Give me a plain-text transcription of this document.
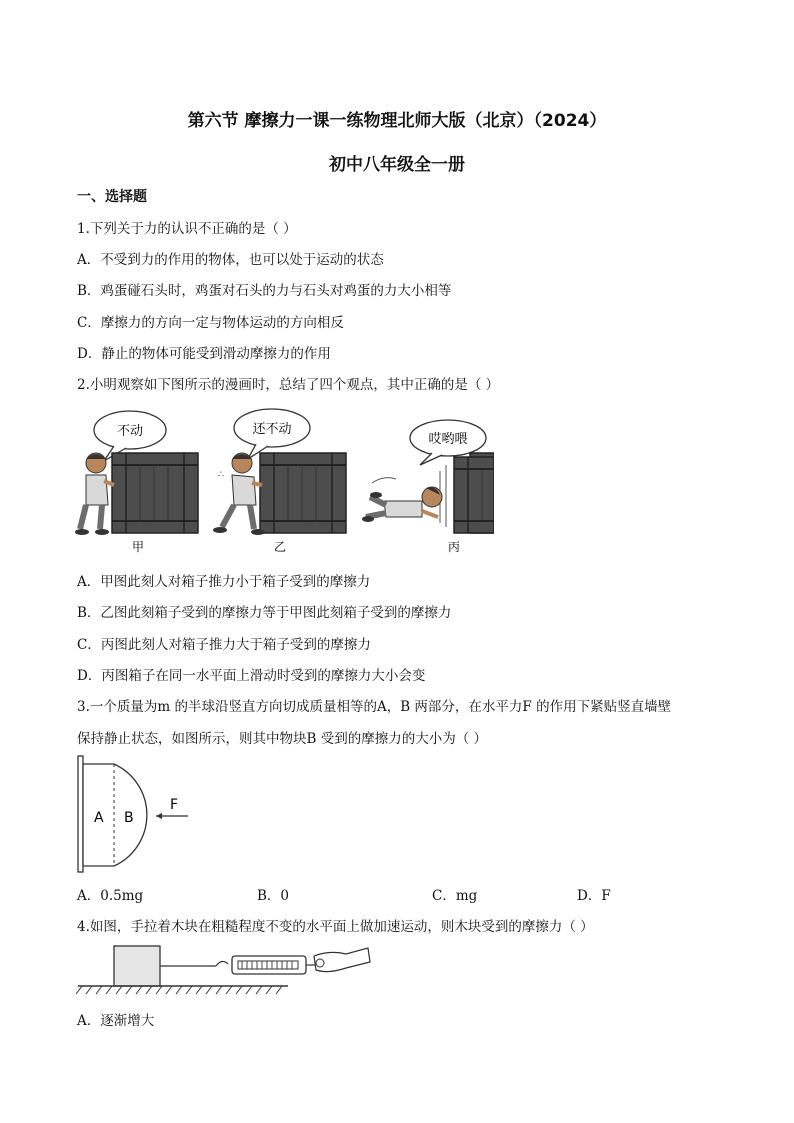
第六节 摩擦力一课一练物理北师大版（北京）（2024）
初中八年级全一册
一、选择题
1.下列关于力的认识不正确的是（ ）
A．不受到力的作用的物体，也可以处于运动的状态
B．鸡蛋碰石头时，鸡蛋对石头的力与石头对鸡蛋的力大小相等
C．摩擦力的方向一定与物体运动的方向相反
D．静止的物体可能受到滑动摩擦力的作用
2.小明观察如下图所示的漫画时，总结了四个观点，其中正确的是（ ）
不动
甲
还不动
∴
乙
哎哟喂
丙
A．甲图此刻人对箱子推力小于箱子受到的摩擦力
B．乙图此刻箱子受到的摩擦力等于甲图此刻箱子受到的摩擦力
C．丙图此刻人对箱子推力大于箱子受到的摩擦力
D．丙图箱子在同一水平面上滑动时受到的摩擦力大小会变
3.一个质量为m 的半球沿竖直方向切成质量相等的A，B 两部分，在水平力F 的作用下紧贴竖直墙壁
保持静止状态，如图所示，则其中物块B 受到的摩擦力的大小为（ ）
A B
F
A．0.5mg	B．0	C．mg	D．F
4.如图，手拉着木块在粗糙程度不变的水平面上做加速运动，则木块受到的摩擦力（ ）
A．逐渐增大
